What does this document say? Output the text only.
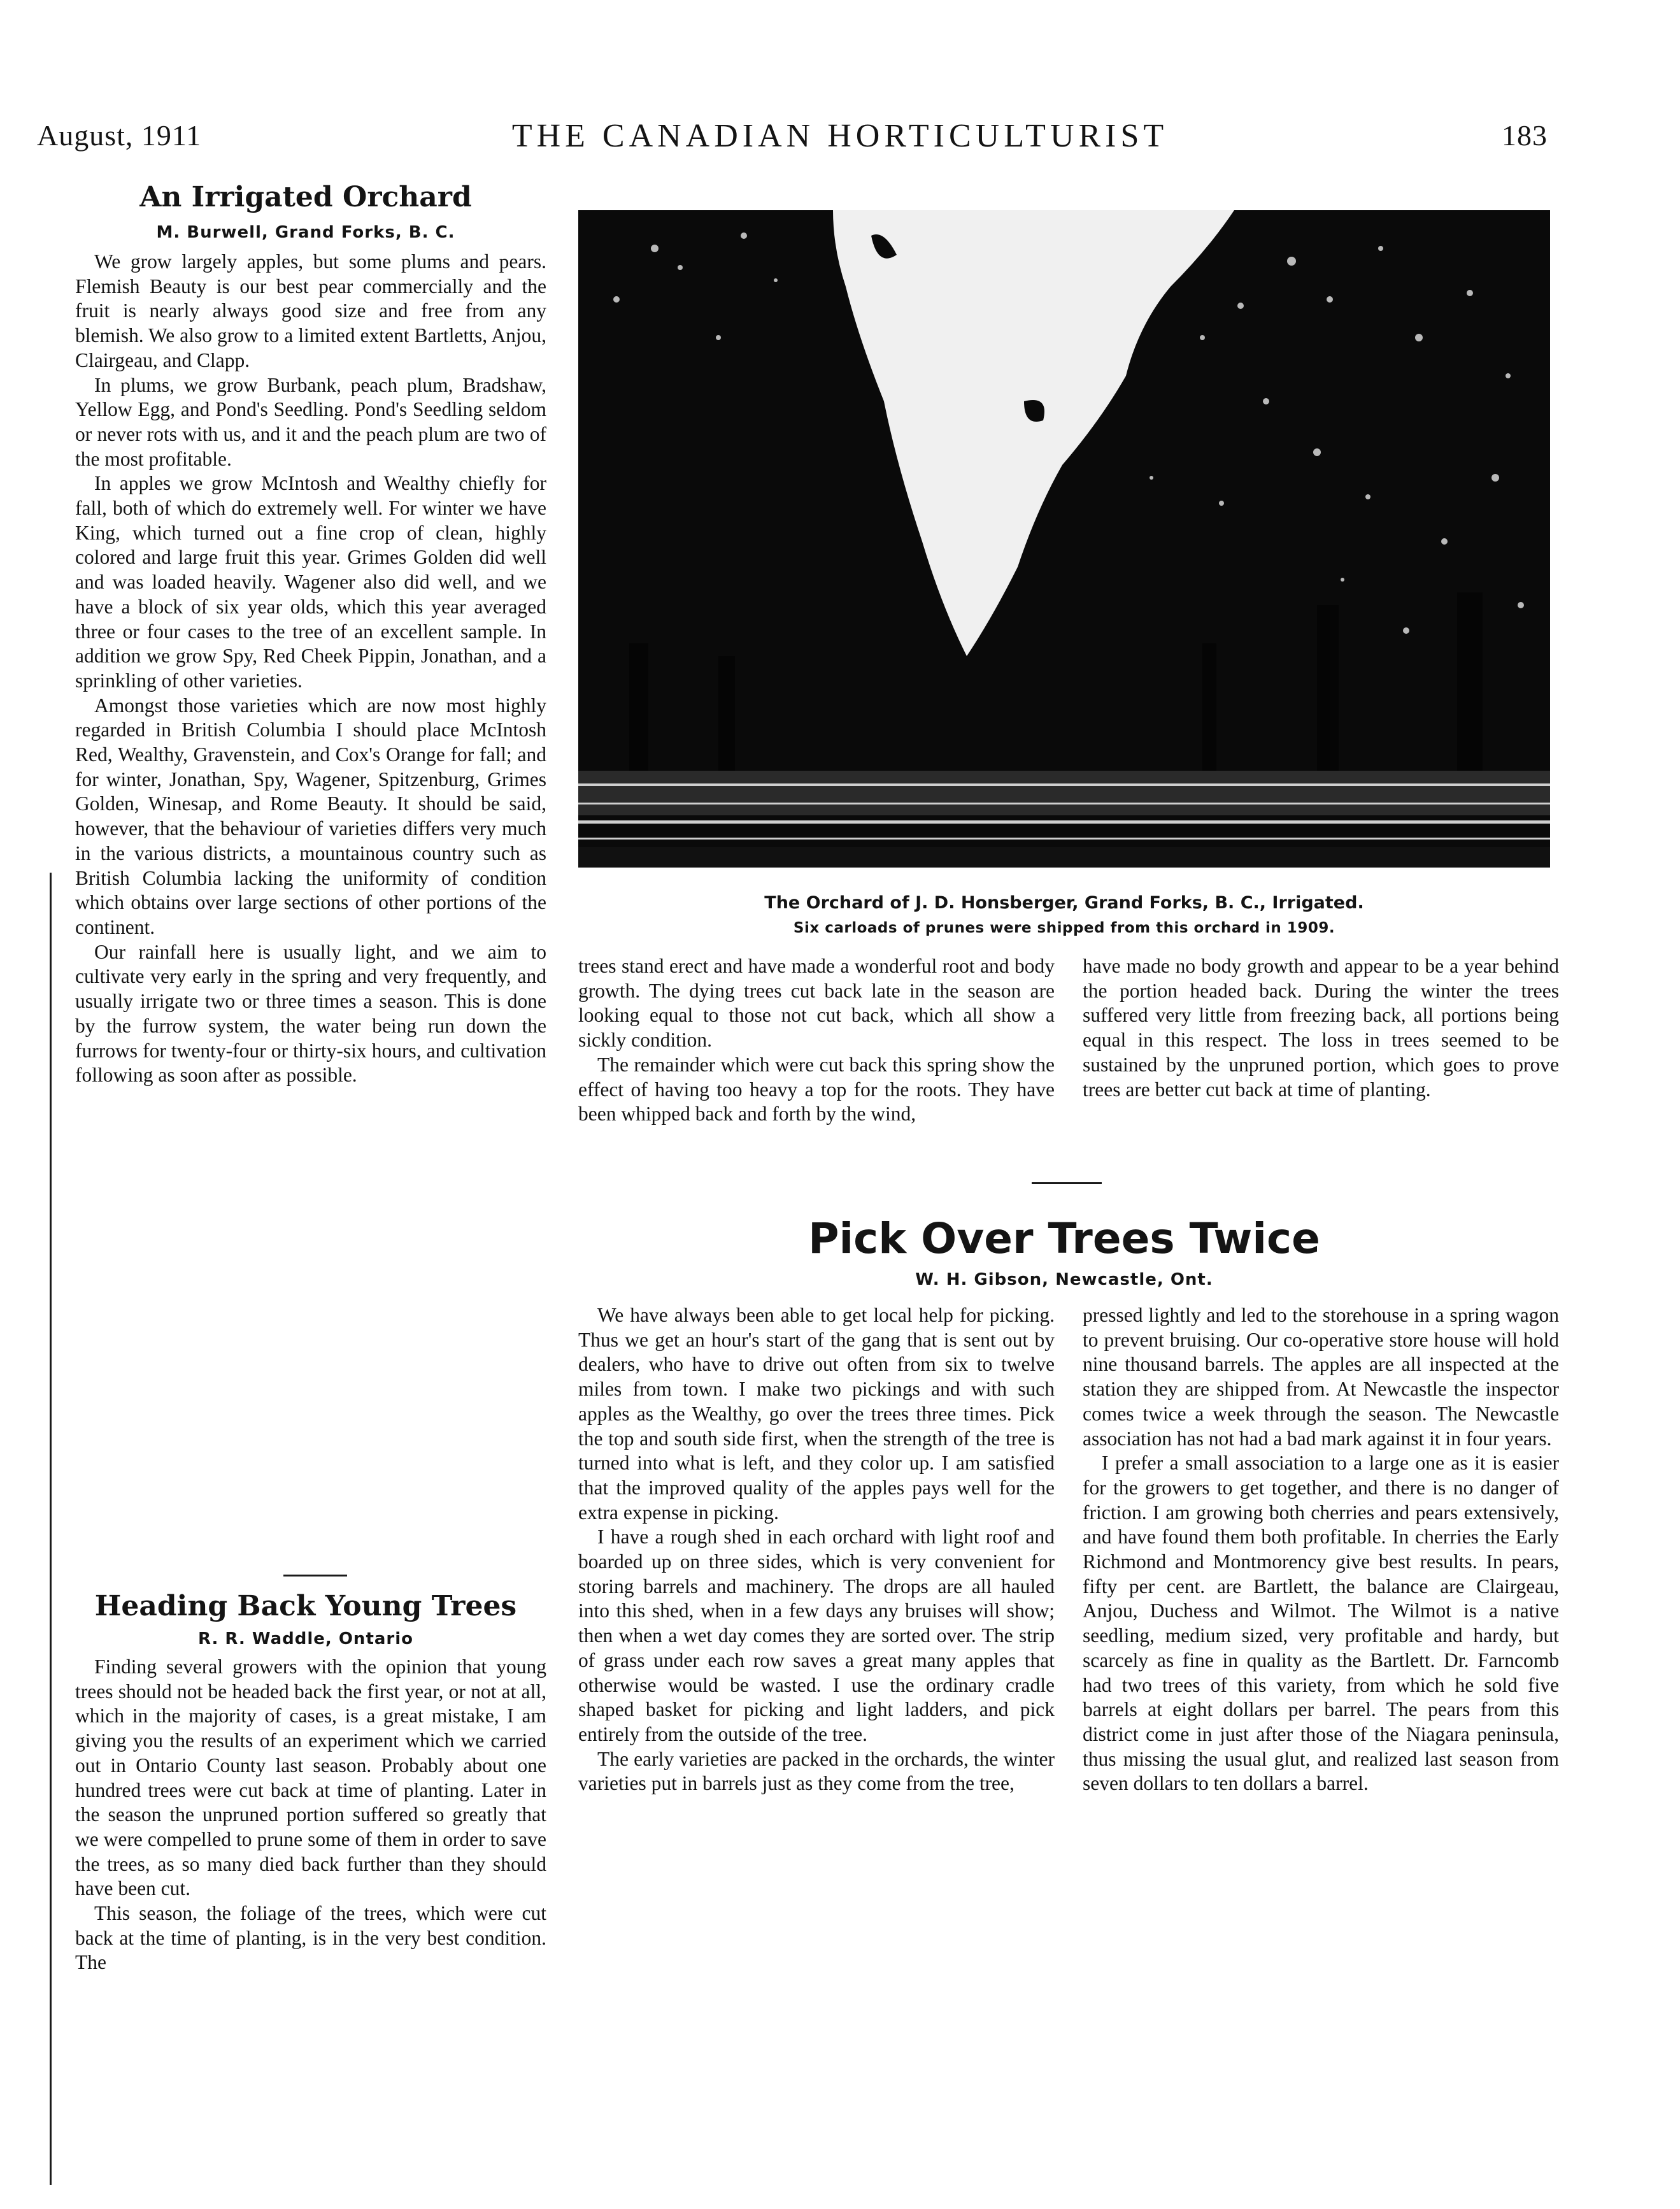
August, 1911	THE CANADIAN HORTICULTURIST	183
An Irrigated Orchard
M. Burwell, Grand Forks, B. C.

We grow largely apples, but some plums and pears. Flemish Beauty is our best pear commercially and the fruit is nearly always good size and free from any blemish. We also grow to a limited extent Bartletts, Anjou, Clairgeau, and Clapp.

In plums, we grow Burbank, peach plum, Bradshaw, Yellow Egg, and Pond's Seedling. Pond's Seedling seldom or never rots with us, and it and the peach plum are two of the most profitable.

In apples we grow McIntosh and Wealthy chiefly for fall, both of which do extremely well. For winter we have King, which turned out a fine crop of clean, highly colored and large fruit this year. Grimes Golden did well and was loaded heavily. Wagener also did well, and we have a block of six year olds, which this year averaged three or four cases to the tree of an excellent sample. In addition we grow Spy, Red Cheek Pippin, Jonathan, and a sprinkling of other varieties.

Amongst those varieties which are now most highly regarded in British Columbia I should place McIntosh Red, Wealthy, Gravenstein, and Cox's Orange for fall; and for winter, Jonathan, Spy, Wagener, Spitzenburg, Grimes Golden, Winesap, and Rome Beauty. It should be said, however, that the behaviour of varieties differs very much in the various districts, a mountainous country such as British Columbia lacking the uniformity of condition which obtains over large sections of other portions of the continent.

Our rainfall here is usually light, and we aim to cultivate very early in the spring and very frequently, and usually irrigate two or three times a season. This is done by the furrow system, the water being run down the furrows for twenty-four or thirty-six hours, and cultivation following as soon after as possible.

Heading Back Young Trees
R. R. Waddle, Ontario

Finding several growers with the opinion that young trees should not be headed back the first year, or not at all, which in the majority of cases, is a great mistake, I am giving you the results of an experiment which we carried out in Ontario County last season. Probably about one hundred trees were cut back at time of planting. Later in the season the unpruned portion suffered so greatly that we were compelled to prune some of them in order to save the trees, as so many died back further than they should have been cut.

This season, the foliage of the trees, which were cut back at the time of planting, is in the very best condition. The

The Orchard of J. D. Honsberger, Grand Forks, B. C., Irrigated.
Six carloads of prunes were shipped from this orchard in 1909.

trees stand erect and have made a wonderful root and body growth. The dying trees cut back late in the season are looking equal to those not cut back, which all show a sickly condition.

The remainder which were cut back this spring show the effect of having too heavy a top for the roots. They have been whipped back and forth by the wind,

have made no body growth and appear to be a year behind the portion headed back. During the winter the trees suffered very little from freezing back, all portions being equal in this respect. The loss in trees seemed to be sustained by the unpruned portion, which goes to prove trees are better cut back at time of planting.

Pick Over Trees Twice
W. H. Gibson, Newcastle, Ont.

We have always been able to get local help for picking. Thus we get an hour's start of the gang that is sent out by dealers, who have to drive out often from six to twelve miles from town. I make two pickings and with such apples as the Wealthy, go over the trees three times. Pick the top and south side first, when the strength of the tree is turned into what is left, and they color up. I am satisfied that the improved quality of the apples pays well for the extra expense in picking.

I have a rough shed in each orchard with light roof and boarded up on three sides, which is very convenient for storing barrels and machinery. The drops are all hauled into this shed, when in a few days any bruises will show; then when a wet day comes they are sorted over. The strip of grass under each row saves a great many apples that otherwise would be wasted. I use the ordinary cradle shaped basket for picking and light ladders, and pick entirely from the outside of the tree.

The early varieties are packed in the orchards, the winter varieties put in barrels just as they come from the tree,

pressed lightly and led to the storehouse in a spring wagon to prevent bruising. Our co-operative store house will hold nine thousand barrels. The apples are all inspected at the station they are shipped from. At Newcastle the inspector comes twice a week through the season. The Newcastle association has not had a bad mark against it in four years.

I prefer a small association to a large one as it is easier for the growers to get together, and there is no danger of friction. I am growing both cherries and pears extensively, and have found them both profitable. In cherries the Early Richmond and Montmorency give best results. In pears, fifty per cent. are Bartlett, the balance are Clairgeau, Anjou, Duchess and Wilmot. The Wilmot is a native seedling, medium sized, very profitable and hardy, but scarcely as fine in quality as the Bartlett. Dr. Farncomb had two trees of this variety, from which he sold five barrels at eight dollars per barrel. The pears from this district come in just after those of the Niagara peninsula, thus missing the usual glut, and realized last season from seven dollars to ten dollars a barrel.
